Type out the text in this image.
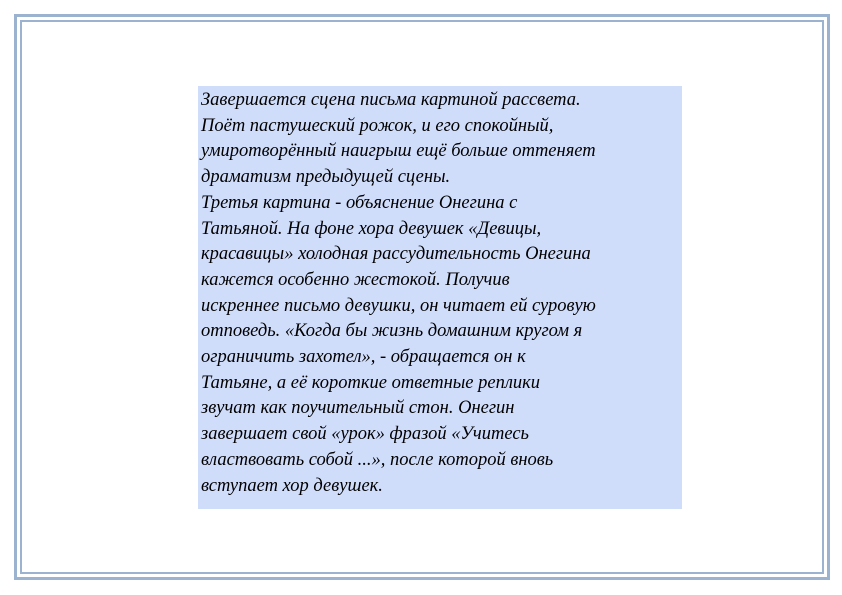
Завершается сцена письма картиной рассвета.
Поёт пастушеский рожок, и его спокойный,
умиротворённый наигрыш ещё больше оттеняет
драматизм предыдущей сцены.

Третья картина - объяснение Онегина с
Татьяной. На фоне хора девушек «Девицы,
красавицы» холодная рассудительность Онегина
кажется особенно жестокой. Получив
искреннее письмо девушки, он читает ей суровую
отповедь. «Когда бы жизнь домашним кругом я
ограничить захотел», - обращается он к
Татьяне, а её короткие ответные реплики
звучат как поучительный стон. Онегин
завершает свой «урок» фразой «Учитесь
властвовать собой ...», после которой вновь
вступает хор девушек.
